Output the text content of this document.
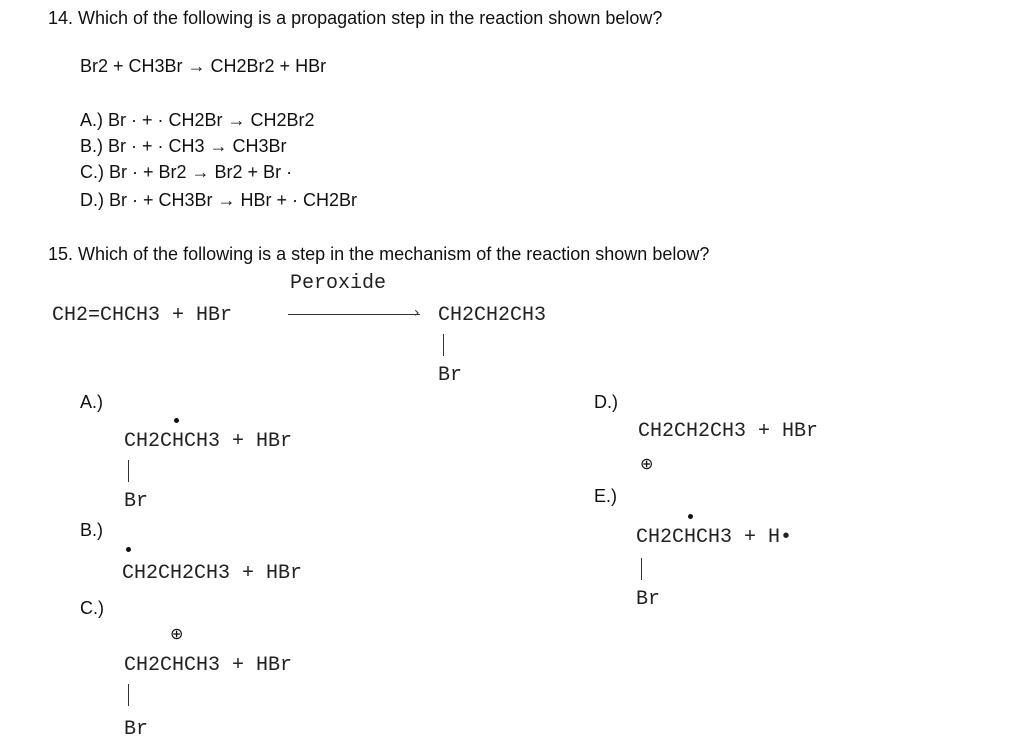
14. Which of the following is a propagation step in the reaction shown below?
Br2 + CH3Br → CH2Br2 + HBr
A.) Br · + · CH2Br → CH2Br2
B.) Br · + · CH3 → CH3Br
C.) Br · + Br2 → Br2 + Br ·
D.) Br · + CH3Br → HBr + · CH2Br
15. Which of the following is a step in the mechanism of the reaction shown below?
Peroxide
CH2=CHCH3 + HBr	› CH2CH2CH3
Br
A.)
CH2CHCH3 + HBr
Br
B.)
CH2CH2CH3 + HBr
C.)
⊕
CH2CHCH3 + HBr
Br
D.)
CH2CH2CH3 + HBr
⊕
E.)
CH2CHCH3 + H•
Br
